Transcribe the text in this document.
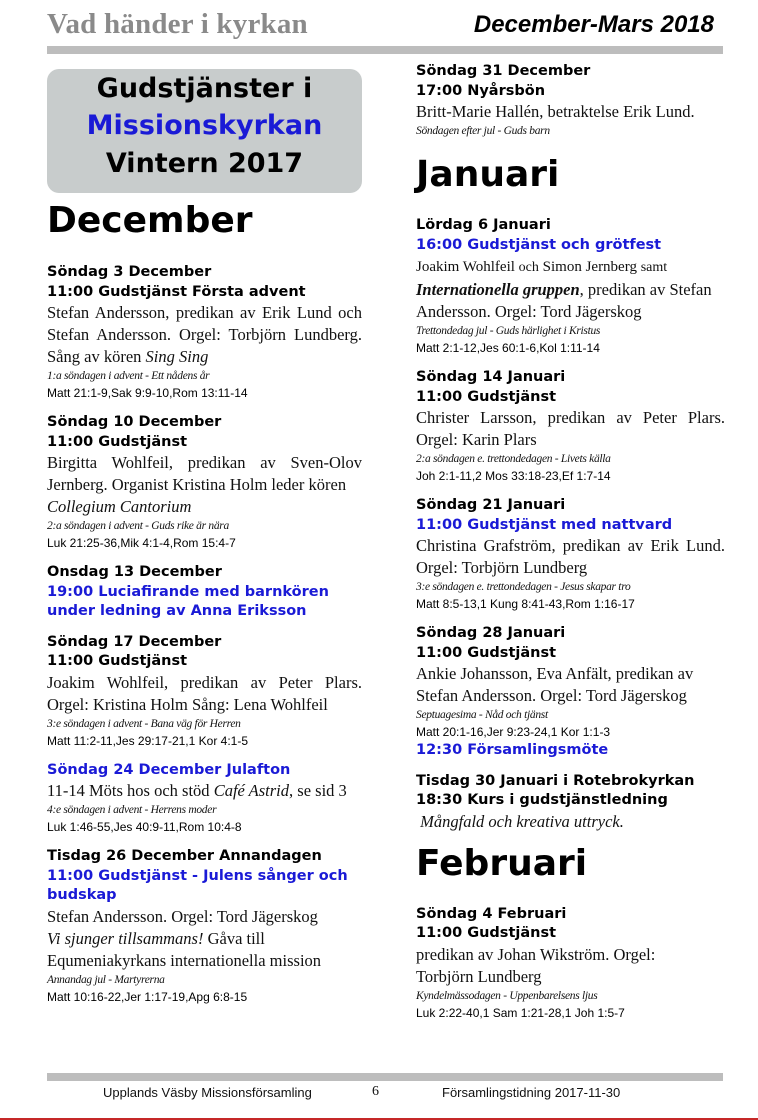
Vad händer i kyrkan	December-Mars 2018
Gudstjänster i
Missionskyrkan
Vintern 2017
December
Söndag 3 December
11:00 Gudstjänst Första advent
Stefan Andersson, predikan av Erik Lund och Stefan Andersson. Orgel: Torbjörn Lundberg. Sång av kören Sing Sing
1:a söndagen i advent - Ett nådens år
Matt 21:1-9,Sak 9:9-10,Rom 13:11-14
Söndag 10 December
11:00 Gudstjänst
Birgitta Wohlfeil, predikan av Sven-Olov Jernberg. Organist Kristina Holm leder kören
Collegium Cantorium
2:a söndagen i advent - Guds rike är nära
Luk 21:25-36,Mik 4:1-4,Rom 15:4-7
Onsdag 13 December
19:00 Luciafirande med barnkören under ledning av Anna Eriksson
Söndag 17 December
11:00 Gudstjänst
Joakim Wohlfeil, predikan av Peter Plars. Orgel: Kristina Holm Sång: Lena Wohlfeil
3:e söndagen i advent - Bana väg för Herren
Matt 11:2-11,Jes 29:17-21,1 Kor 4:1-5
Söndag 24 December Julafton
11-14 Möts hos och stöd Café Astrid, se sid 3
4:e söndagen i advent - Herrens moder
Luk 1:46-55,Jes 40:9-11,Rom 10:4-8
Tisdag 26 December Annandagen
11:00 Gudstjänst - Julens sånger och budskap
Stefan Andersson. Orgel: Tord Jägerskog
Vi sjunger tillsammans! Gåva till Equmeniakyrkans internationella mission
Annandag jul - Martyrerna
Matt 10:16-22,Jer 1:17-19,Apg 6:8-15
Söndag 31 December
17:00 Nyårsbön
Britt-Marie Hallén, betraktelse Erik Lund.
Söndagen efter jul - Guds barn
Januari
Lördag 6 Januari
16:00 Gudstjänst och grötfest
Joakim Wohlfeil och Simon Jernberg samt
Internationella gruppen, predikan av Stefan Andersson. Orgel: Tord Jägerskog
Trettondedag jul - Guds härlighet i Kristus
Matt 2:1-12,Jes 60:1-6,Kol 1:11-14
Söndag 14 Januari
11:00 Gudstjänst
Christer Larsson, predikan av Peter Plars. Orgel: Karin Plars
2:a söndagen e. trettondedagen - Livets källa
Joh 2:1-11,2 Mos 33:18-23,Ef 1:7-14
Söndag 21 Januari
11:00 Gudstjänst med nattvard
Christina Grafström, predikan av Erik Lund. Orgel: Torbjörn Lundberg
3:e söndagen e. trettondedagen - Jesus skapar tro
Matt 8:5-13,1 Kung 8:41-43,Rom 1:16-17
Söndag 28 Januari
11:00 Gudstjänst
Ankie Johansson, Eva Anfält, predikan av Stefan Andersson. Orgel: Tord Jägerskog
Septuagesima - Nåd och tjänst
Matt 20:1-16,Jer 9:23-24,1 Kor 1:1-3
12:30 Församlingsmöte
Tisdag 30 Januari i Rotebrokyrkan
18:30 Kurs i gudstjänstledning
Mångfald och kreativa uttryck.
Februari
Söndag 4 Februari
11:00 Gudstjänst
predikan av Johan Wikström. Orgel: Torbjörn Lundberg
Kyndelmässodagen - Uppenbarelsens ljus
Luk 2:22-40,1 Sam 1:21-28,1 Joh 1:5-7
Upplands Väsby Missionsförsamling	6	Församlingstidning 2017-11-30
